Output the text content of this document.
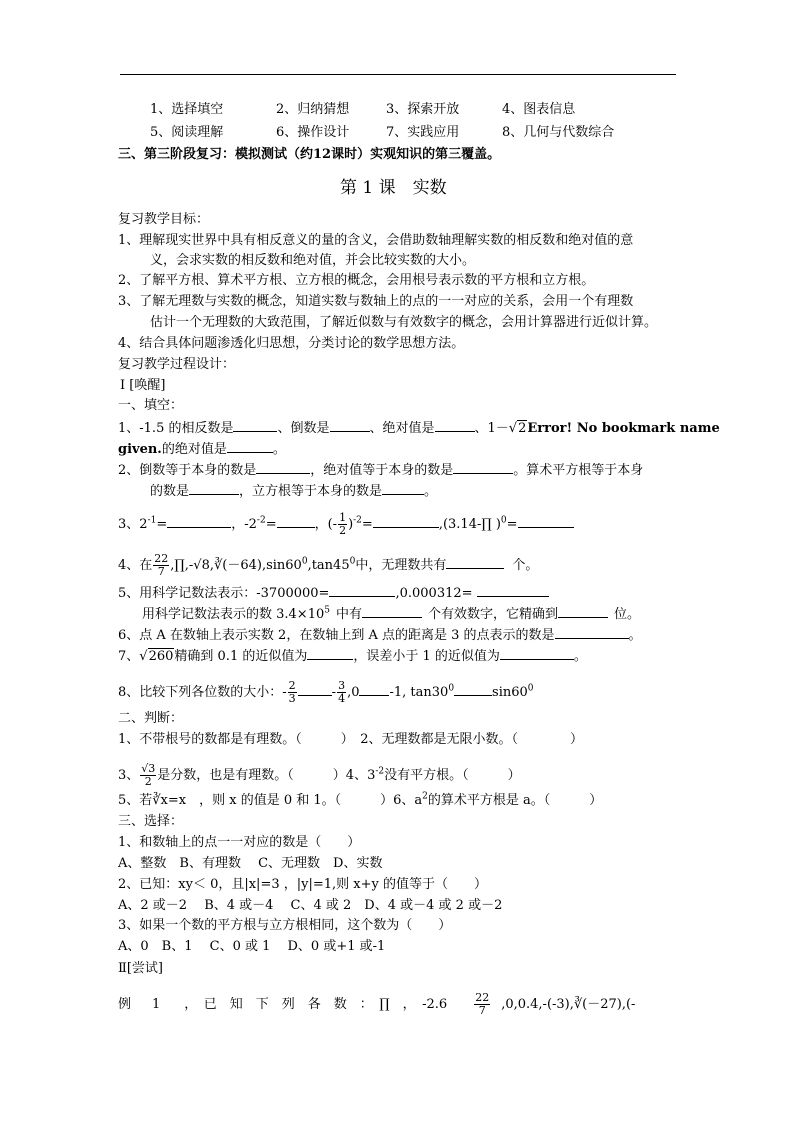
1、选择填空	2、归纳猜想	3、探索开放	4、图表信息
5、阅读理解	6、操作设计	7、实践应用	8、几何与代数综合
三、第三阶段复习：模拟测试（约12课时）实观知识的第三覆盖。
第 1 课　实数
复习教学目标：
1、理解现实世界中具有相反意义的量的含义，会借助数轴理解实数的相反数和绝对值的意
义，会求实数的相反数和绝对值，并会比较实数的大小。
2、了解平方根、算术平方根、立方根的概念，会用根号表示数的平方根和立方根。
3、了解无理数与实数的概念，知道实数与数轴上的点的一一对应的关系，会用一个有理数
估计一个无理数的大致范围，了解近似数与有效数字的概念，会用计算器进行近似计算。
4、结合具体问题渗透化归思想，分类讨论的数学思想方法。
复习教学过程设计：
Ⅰ [唤醒]
一、填空：
1、-1.5 的相反数是	、倒数是	、绝对值是	、1－√2Error! No bookmark name
given.的绝对值是	。
2、倒数等于本身的数是	，绝对值等于本身的数是	。算术平方根等于本身
的数是	，立方根等于本身的数是	。
3、$2^{-1}=$	，$-2^{-2}=$	，(- $\frac{1}{2} )^{-2}=$	,(3.14-∏ )$^0$=
4、在 $\frac{22}{7}$ $,\prod,-√8,∛(-64),\sin 60^0,\tan 45^0$中，无理数共有	个。
5、用科学记数法表示：-3700000=	,0.000312=
用科学记数法表示的数 $3.4\times 10^5$ 中有	个有效数字，它精确到	位。
6、点 A 在数轴上表示实数 2，在数轴上到 A 点的距离是 3 的点表示的数是	。
7、√260精确到 0.1 的近似值为	，误差小于 1 的近似值为	。
8、比较下列各位数的大小：- $\frac{2}{3}$	- $\frac{3}{4} ,0$ -1, $\tan 30^0$	$\sin 60^0$
二、判断：
1、不带根号的数都是有理数。（　　　）　2、无理数都是无限小数。（　　　　）
3、 $\frac{√3}{2}$ 是分数，也是有理数。（　　　）4、$3^{-2}$没有平方根。（　　　）
5、若∛x=x　，则 x 的值是 0 和 1。（　　　）6、$a^2$的算术平方根是 a。（　　　）
三、选择：
1、和数轴上的点一一对应的数是（　　）
A、整数　B、有理数　 C、无理数　D、实数
2、已知：xy＜ 0，且|x|=3 ，|y|=1,则 x+y 的值等于（　　）
A、2 或－2　 B、4 或－4　 C、4 或 2　D、4 或－4 或 2 或－2
3、如果一个数的平方根与立方根相同，这个数为（　　）
A、0　B、1　 C、0 或 1　 D、0 或+1 或-1
Ⅱ[尝试]
例　1 ，　已　知　下　列　各　数　：　∏　，　$-2.6 \frac{22}{7}$ ,0,0.4,-(-3),∛(－27),(-
